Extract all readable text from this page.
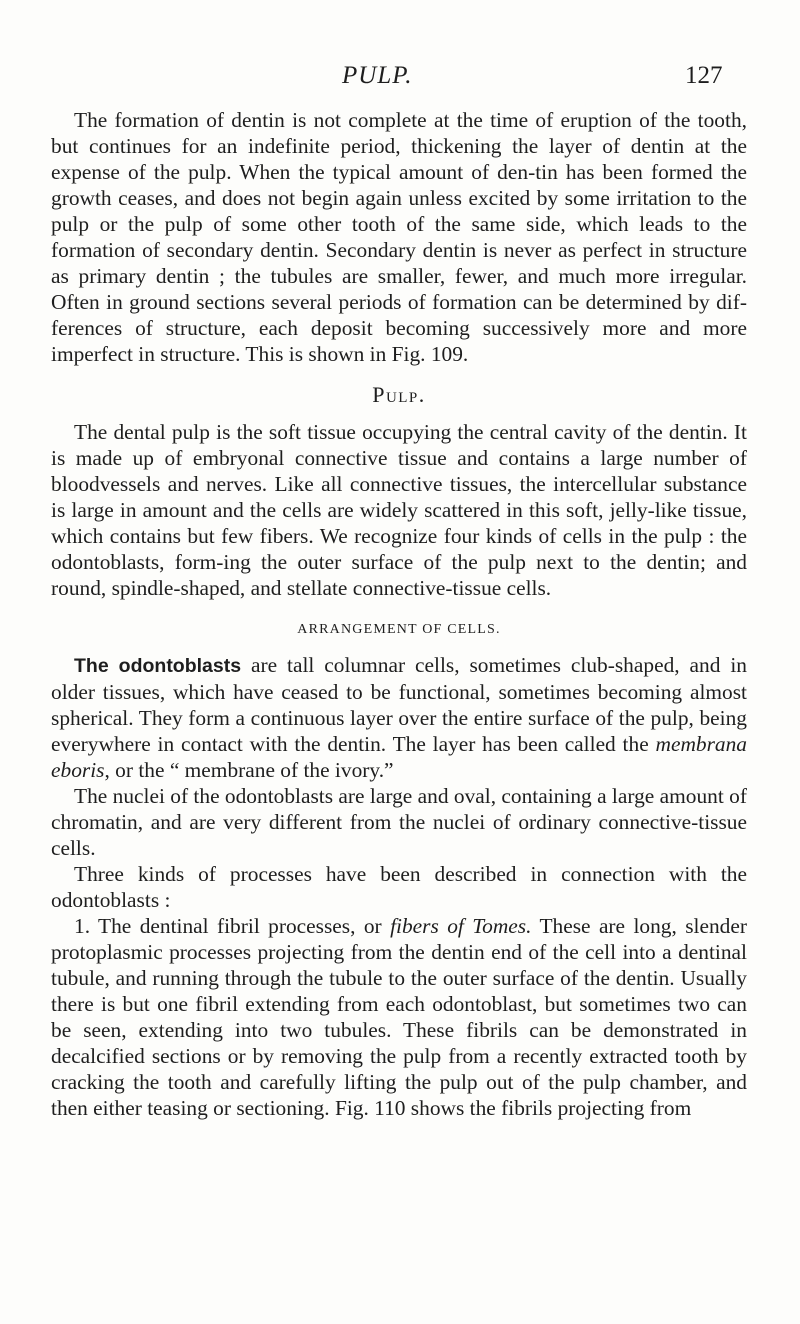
PULP.	127

The formation of dentin is not complete at the time of eruption of the tooth, but continues for an indefinite period, thickening the layer of dentin at the expense of the pulp. When the typical amount of den-tin has been formed the growth ceases, and does not begin again unless excited by some irritation to the pulp or the pulp of some other tooth of the same side, which leads to the formation of secondary dentin. Secondary dentin is never as perfect in structure as primary dentin ; the tubules are smaller, fewer, and much more irregular. Often in ground sections several periods of formation can be determined by dif-ferences of structure, each deposit becoming successively more and more imperfect in structure. This is shown in Fig. 109.

Pulp.

The dental pulp is the soft tissue occupying the central cavity of the dentin. It is made up of embryonal connective tissue and contains a large number of bloodvessels and nerves. Like all connective tissues, the intercellular substance is large in amount and the cells are widely scattered in this soft, jelly-like tissue, which contains but few fibers. We recognize four kinds of cells in the pulp : the odontoblasts, form-ing the outer surface of the pulp next to the dentin; and round, spindle-shaped, and stellate connective-tissue cells.

ARRANGEMENT OF CELLS.

The odontoblasts are tall columnar cells, sometimes club-shaped, and in older tissues, which have ceased to be functional, sometimes becoming almost spherical. They form a continuous layer over the entire surface of the pulp, being everywhere in contact with the dentin. The layer has been called the membrana eboris, or the “ membrane of the ivory.”

The nuclei of the odontoblasts are large and oval, containing a large amount of chromatin, and are very different from the nuclei of ordinary connective-tissue cells.

Three kinds of processes have been described in connection with the odontoblasts :

1. The dentinal fibril processes, or fibers of Tomes. These are long, slender protoplasmic processes projecting from the dentin end of the cell into a dentinal tubule, and running through the tubule to the outer surface of the dentin. Usually there is but one fibril extending from each odontoblast, but sometimes two can be seen, extending into two tubules. These fibrils can be demonstrated in decalcified sections or by removing the pulp from a recently extracted tooth by cracking the tooth and carefully lifting the pulp out of the pulp chamber, and then either teasing or sectioning. Fig. 110 shows the fibrils projecting from
